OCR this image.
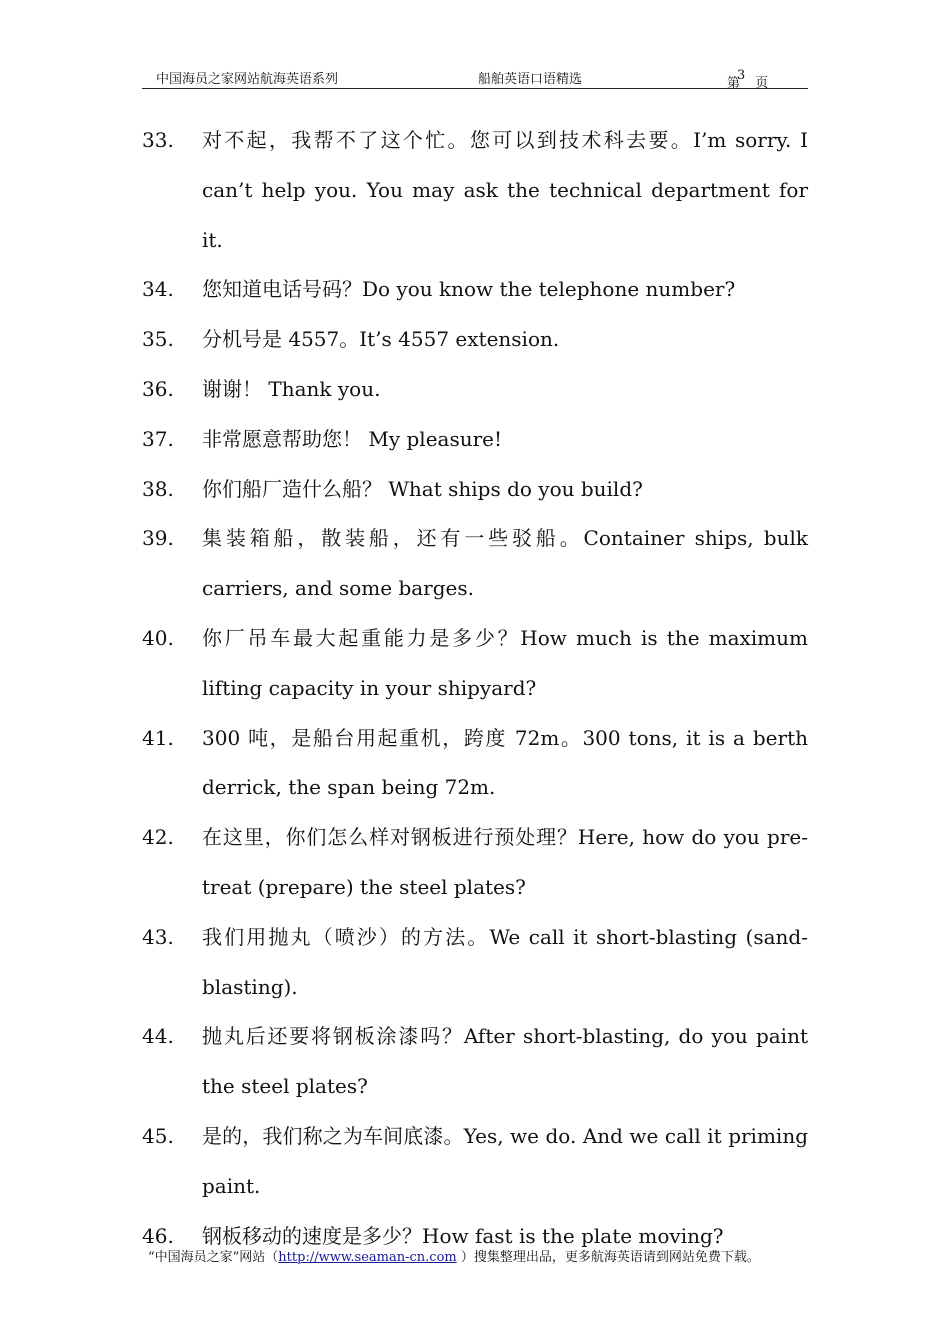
中国海员之家网站航海英语系列	船舶英语口语精选	第
3
页
33.	对不起，我帮不了这个忙。您可以到技术科去要。I’m sorry. I can’t help you. You may ask the technical department for it.
34.	您知道电话号码？Do you know the telephone number?
35.	分机号是 4557。It’s 4557 extension.
36.	谢谢！ Thank you.
37.	非常愿意帮助您！ My pleasure!
38.	你们船厂造什么船？ What ships do you build?
39.	集装箱船，散装船，还有一些驳船。Container ships, bulk carriers, and some barges.
40.	你厂吊车最大起重能力是多少？How much is the maximum lifting capacity in your shipyard?
41.	300 吨，是船台用起重机，跨度 72m。300 tons, it is a berth derrick, the span being 72m.
42.	在这里，你们怎么样对钢板进行预处理？Here, how do you pre-treat (prepare) the steel plates?
43.	我们用抛丸（喷沙）的方法。We call it short-blasting (sand-blasting).
44.	抛丸后还要将钢板涂漆吗？After short-blasting, do you paint the steel plates?
45.	是的，我们称之为车间底漆。Yes, we do. And we call it priming paint.
46.	钢板移动的速度是多少？How fast is the plate moving?
“中国海员之家”网站（http://www.seaman-cn.com ）搜集整理出品，更多航海英语请到网站免费下载。
